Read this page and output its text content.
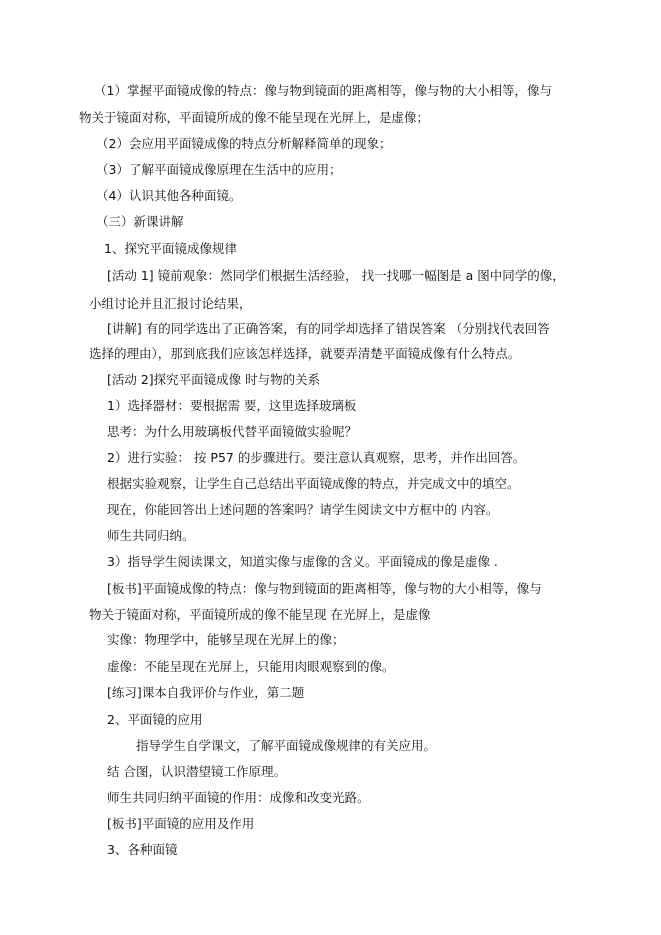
（1）掌握平面镜成像的特点：像与物到镜面的距离相等，像与物的大小相等，像与
物关于镜面对称，平面镜所成的像不能呈现在光屏上，是虚像；
（2）会应用平面镜成像的特点分析解释简单的现象；
（3）了解平面镜成像原理在生活中的应用；
（4）认识其他各种面镜。
（三）新课讲解
1、探究平面镜成像规律
[活动 1] 镜前观象：然同学们根据生活经验， 找一找哪一幅图是 a 图中同学的像，
小组讨论并且汇报讨论结果，
[讲解] 有的同学选出了正确答案，有的同学却选择了错误答案 （分别找代表回答
选择的理由），那到底我们应该怎样选择，就要弄清楚平面镜成像有什么特点。
[活动 2]探究平面镜成像 时与物的关系
1）选择器材：要根据需 要，这里选择玻璃板
思考：为什么用玻璃板代替平面镜做实验呢？
2）进行实验： 按 P57 的步骤进行。要注意认真观察，思考，并作出回答。
根据实验观察，让学生自己总结出平面镜成像的特点，并完成文中的填空。
现在，你能回答出上述问题的答案吗？请学生阅读文中方框中的 内容。
师生共同归纳。
3）指导学生阅读课文，知道实像与虚像的含义。平面镜成的像是虚像 .
[板书]平面镜成像的特点：像与物到镜面的距离相等，像与物的大小相等，像与
物关于镜面对称，平面镜所成的像不能呈现 在光屏上，是虚像
实像：物理学中，能够呈现在光屏上的像；
虚像：不能呈现在光屏上，只能用肉眼观察到的像。
[练习]课本自我评价与作业，第二题
2、平面镜的应用
指导学生自学课文，了解平面镜成像规律的有关应用。
结 合图，认识潜望镜工作原理。
师生共同归纳平面镜的作用：成像和改变光路。
[板书]平面镜的应用及作用
3、各种面镜
